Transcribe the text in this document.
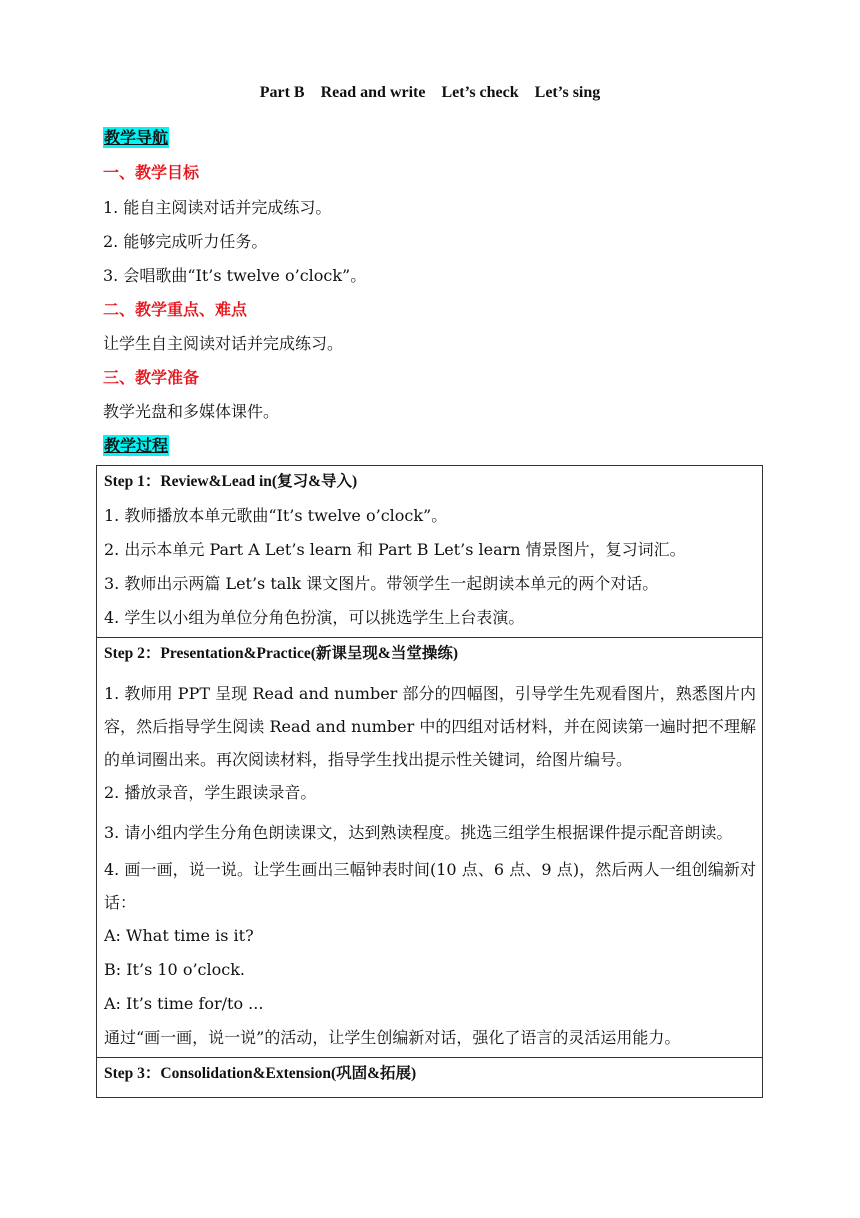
Part B    Read and write    Let’s check    Let’s sing
教学导航
一、教学目标
1. 能自主阅读对话并完成练习。
2. 能够完成听力任务。
3. 会唱歌曲“It’s twelve o’clock”。
二、教学重点、难点
让学生自主阅读对话并完成练习。
三、教学准备
教学光盘和多媒体课件。
教学过程
Step 1：Review&Lead in(复习&导入)
1. 教师播放本单元歌曲“It’s twelve o’clock”。
2. 出示本单元 Part A Let’s learn 和 Part B Let’s learn 情景图片，复习词汇。
3. 教师出示两篇 Let’s talk 课文图片。带领学生一起朗读本单元的两个对话。
4. 学生以小组为单位分角色扮演，可以挑选学生上台表演。

Step 2：Presentation&Practice(新课呈现&当堂操练)
1. 教师用 PPT 呈现 Read and number 部分的四幅图，引导学生先观看图片，熟悉图片内容，然后指导学生阅读 Read and number 中的四组对话材料，并在阅读第一遍时把不理解的单词圈出来。再次阅读材料，指导学生找出提示性关键词，给图片编号。
2. 播放录音，学生跟读录音。
3. 请小组内学生分角色朗读课文，达到熟读程度。挑选三组学生根据课件提示配音朗读。
4. 画一画，说一说。让学生画出三幅钟表时间(10 点、6 点、9 点)，然后两人一组创编新对话：
A: What time is it?
B: It’s 10 o’clock.
A: It’s time for/to ...
通过“画一画，说一说”的活动，让学生创编新对话，强化了语言的灵活运用能力。

Step 3：Consolidation&Extension(巩固&拓展)
